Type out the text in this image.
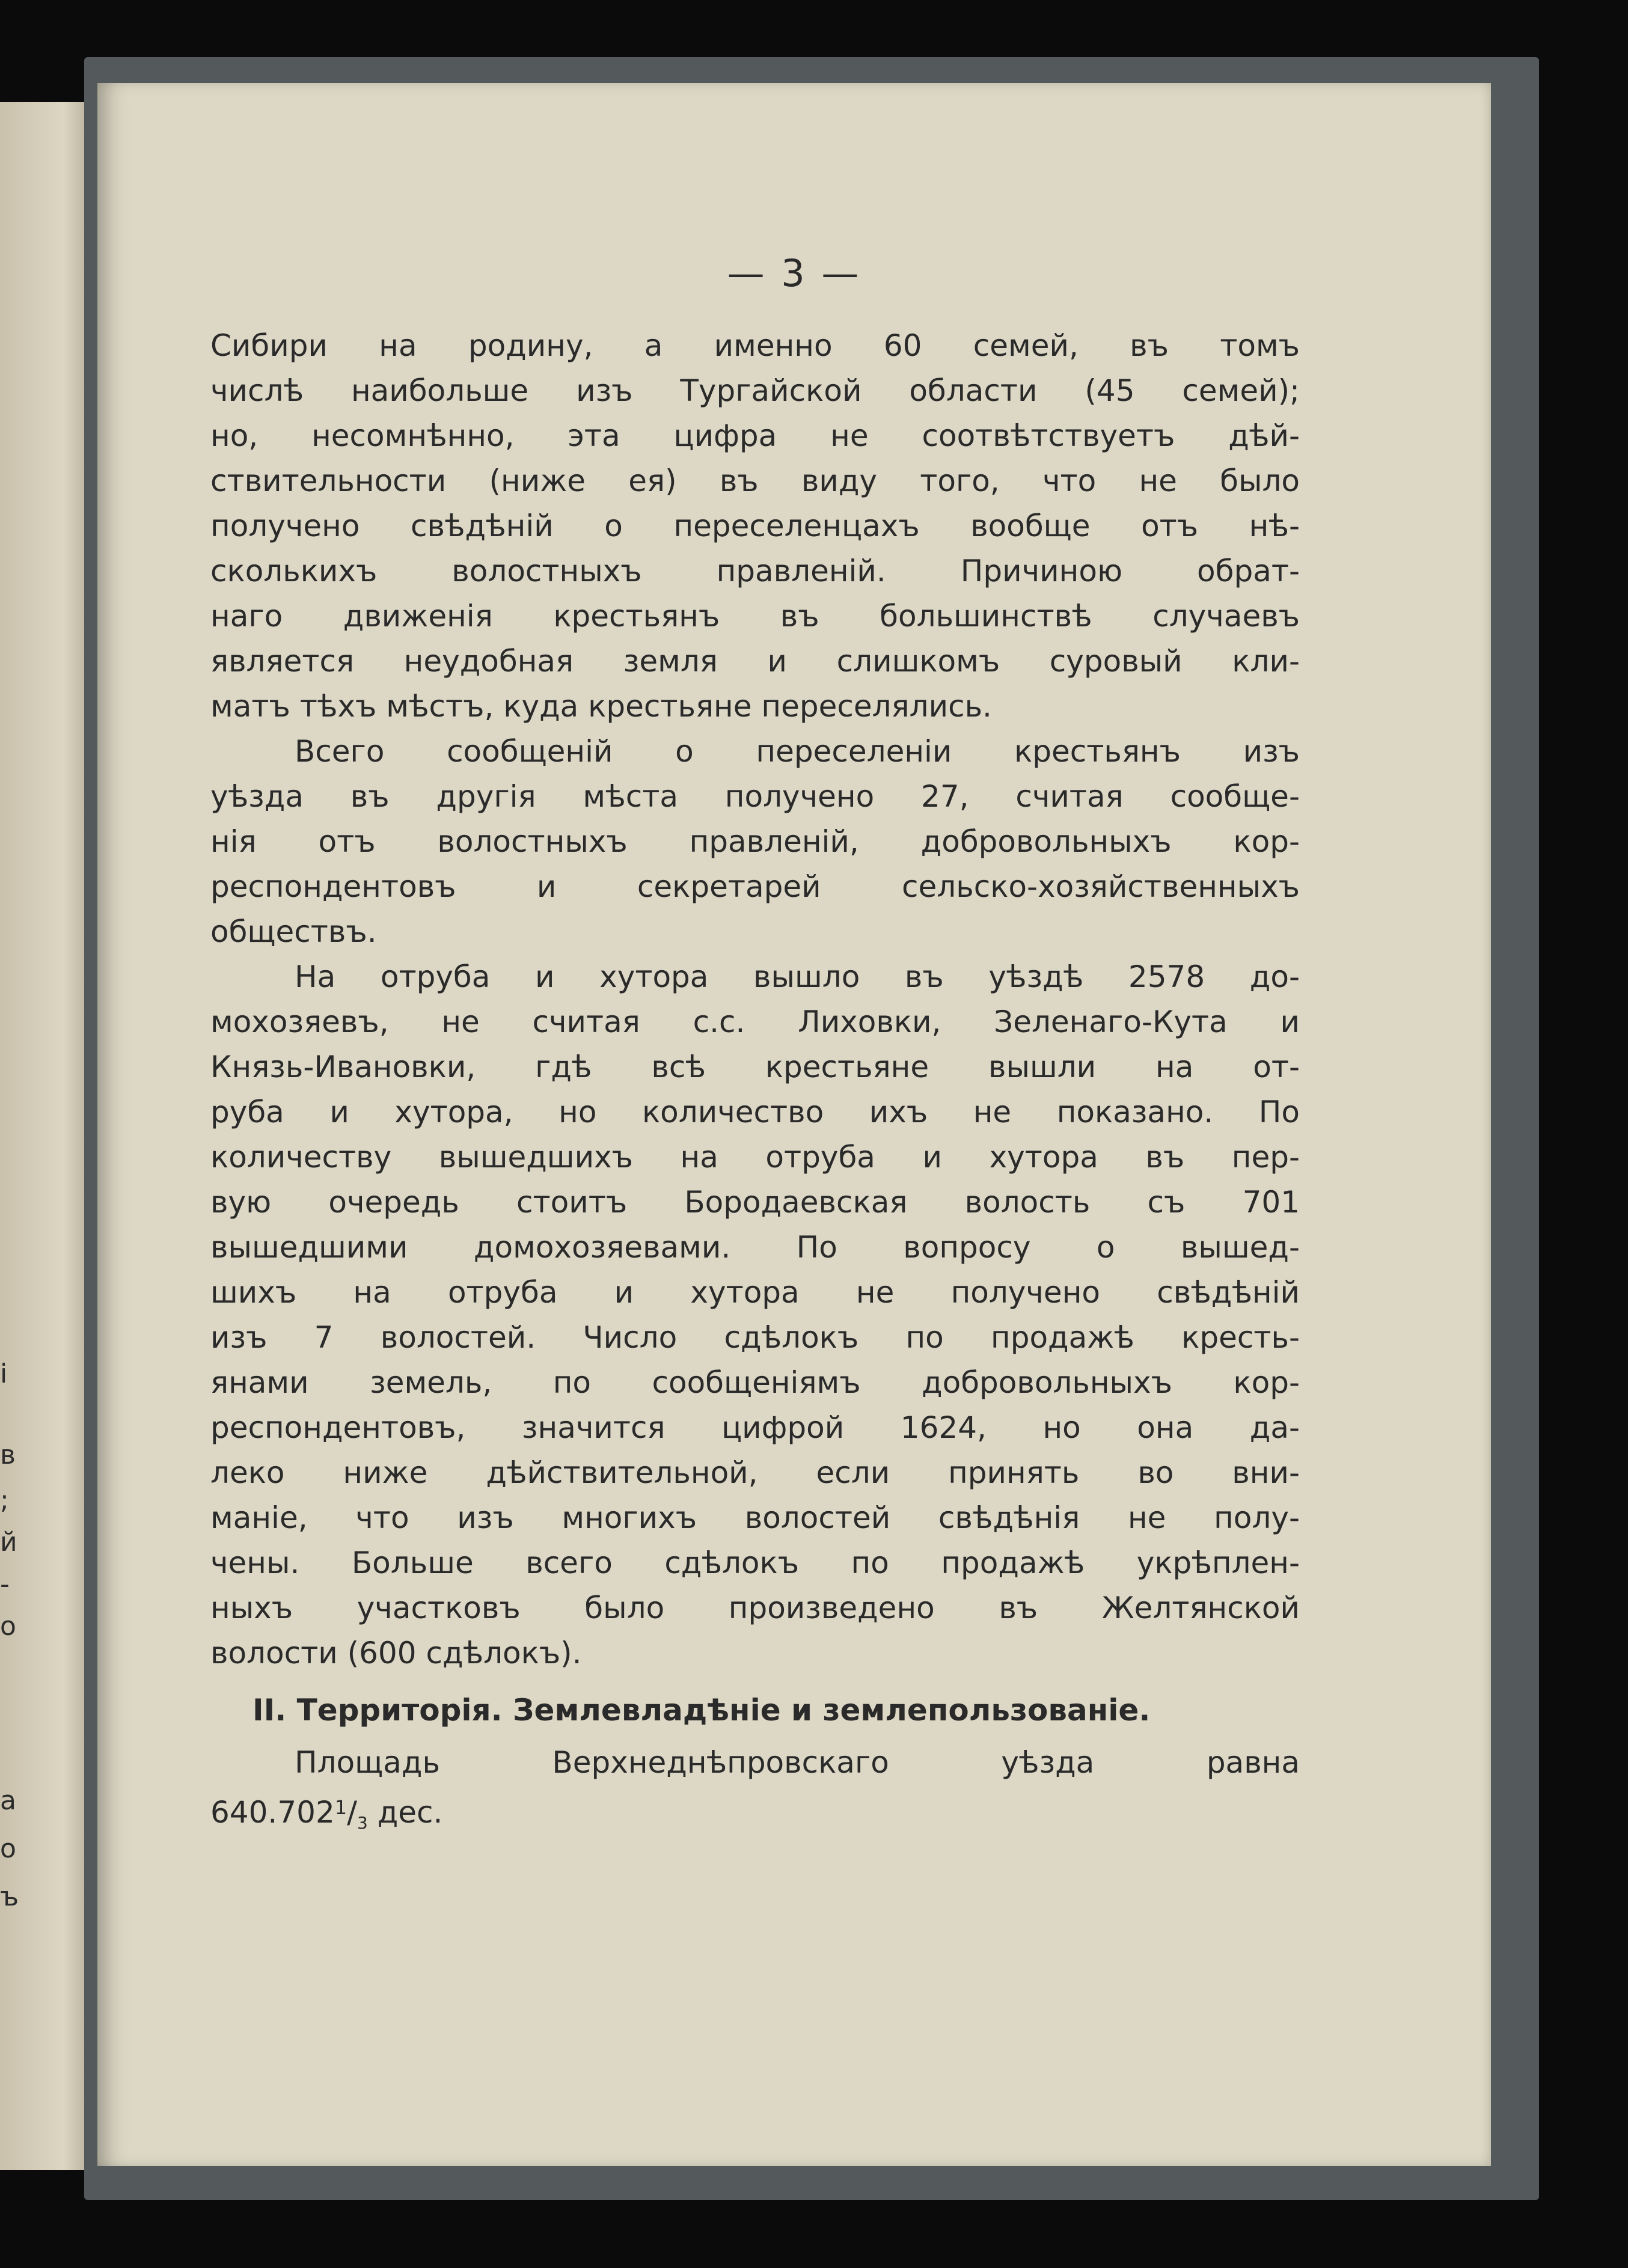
і
в
;
й
-
о
а
о
ъ
— 3 —
Сибири на родину, а именно 60 семей, въ томъ
числѣ наибольше изъ Тургайской области (45 семей);
но, несомнѣнно, эта цифра не соотвѣтствуетъ дѣй-
ствительности (ниже ея) въ виду того, что не было
получено свѣдѣній о переселенцахъ вообще отъ нѣ-
сколькихъ волостныхъ правленій. Причиною обрат-
наго движенія крестьянъ въ большинствѣ случаевъ
является неудобная земля и слишкомъ суровый кли-
матъ тѣхъ мѣстъ, куда крестьяне переселялись.
Всего сообщеній о переселеніи крестьянъ изъ
уѣзда въ другія мѣста получено 27, считая сообще-
нія отъ волостныхъ правленій, добровольныхъ кор-
респондентовъ и секретарей сельско-хозяйственныхъ
обществъ.
На отруба и хутора вышло въ уѣздѣ 2578 до-
мохозяевъ, не считая с.с. Лиховки, Зеленаго-Кута и
Князь-Ивановки, гдѣ всѣ крестьяне вышли на от-
руба и хутора, но количество ихъ не показано. По
количеству вышедшихъ на отруба и хутора въ пер-
вую очередь стоитъ Бородаевская волость съ 701
вышедшими домохозяевами. По вопросу о вышед-
шихъ на отруба и хутора не получено свѣдѣній
изъ 7 волостей. Число сдѣлокъ по продажѣ кресть-
янами земель, по сообщеніямъ добровольныхъ кор-
респондентовъ, значится цифрой 1624, но она да-
леко ниже дѣйствительной, если принять во вни-
маніе, что изъ многихъ волостей свѣдѣнія не полу-
чены. Больше всего сдѣлокъ по продажѣ укрѣплен-
ныхъ участковъ было произведено въ Желтянской
волости (600 сдѣлокъ).
II. Территорія. Землевладѣніе и землепользованіе.
Площадь Верхнеднѣпровскаго уѣзда равна
$640.702^1/_3$ дес.
